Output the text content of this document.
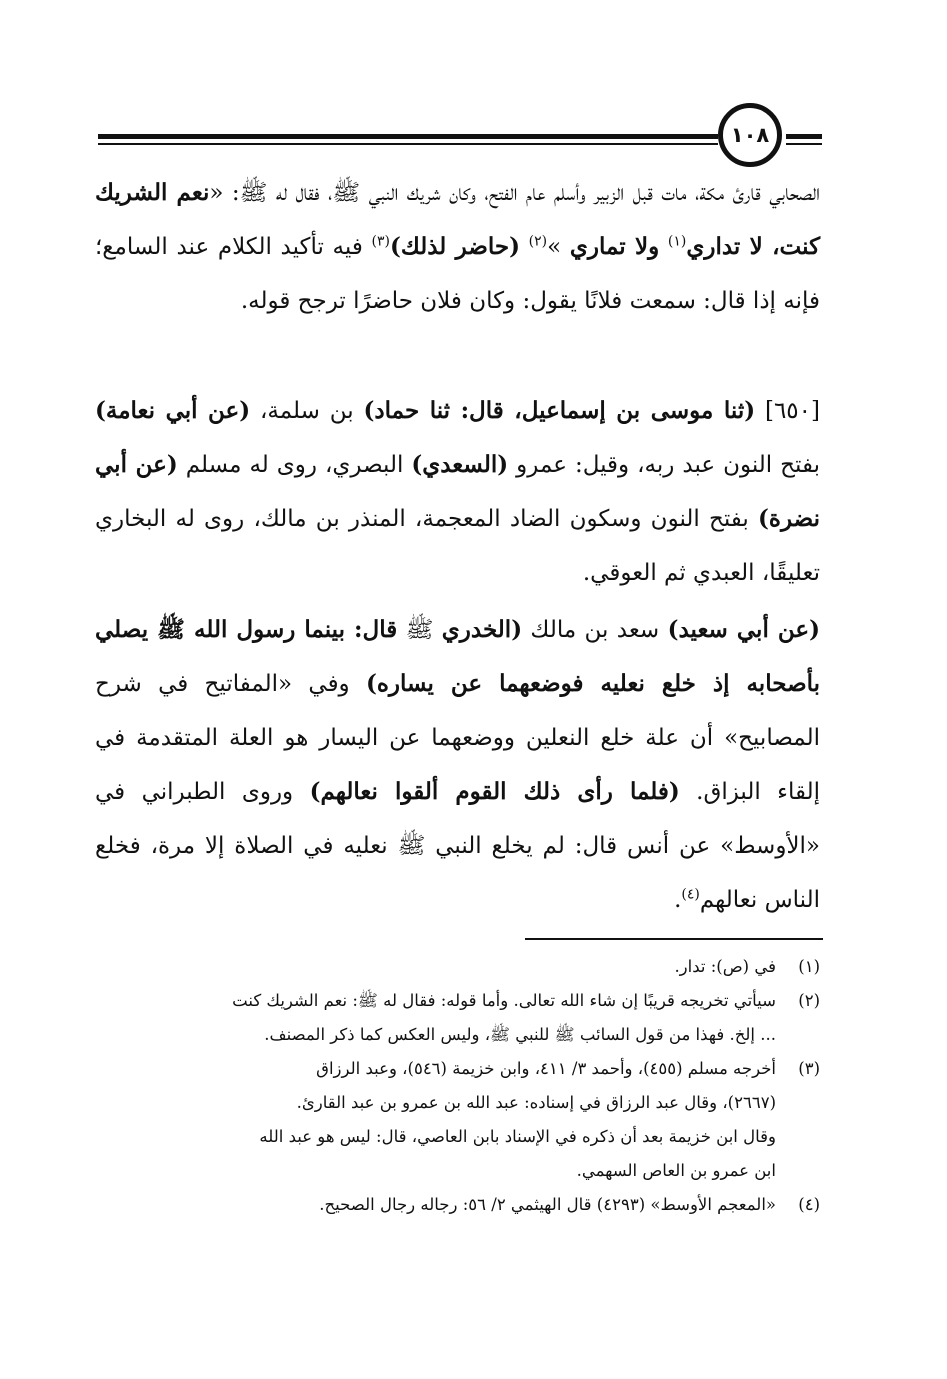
١٠٨

الصحابي قارئ مكة، مات قبل الزبير وأسلم عام الفتح، وكان شريك النبي ﷺ، فقال له ﷺ: «نعم الشريك كنت، لا تداري$^{(١)}$ ولا تماري »$^{(٢)}$ (حاضر لذلك)$^{(٣)}$ فيه تأكيد الكلام عند السامع؛ فإنه إذا قال: سمعت فلانًا يقول: وكان فلان حاضرًا ترجح قوله.

[٦٥٠] (ثنا موسى بن إسماعيل، قال: ثنا حماد) بن سلمة، (عن أبي نعامة) بفتح النون عبد ربه، وقيل: عمرو (السعدي) البصري، روى له مسلم (عن أبي نضرة) بفتح النون وسكون الضاد المعجمة، المنذر بن مالك، روى له البخاري تعليقًا، العبدي ثم العوقي.

(عن أبي سعيد) سعد بن مالك (الخدري ﷺ قال: بينما رسول الله ﷺ يصلي بأصحابه إذ خلع نعليه فوضعهما عن يساره) وفي «المفاتيح في شرح المصابيح» أن علة خلع النعلين ووضعهما عن اليسار هو العلة المتقدمة في إلقاء البزاق. (فلما رأى ذلك القوم ألقوا نعالهم) وروى الطبراني في «الأوسط» عن أنس قال: لم يخلع النبي ﷺ نعليه في الصلاة إلا مرة، فخلع الناس نعالهم$^{(٤)}$.

(١)
في (ص): تدار.
(٢)
سيأتي تخريجه قريبًا إن شاء الله تعالى. وأما قوله: فقال له ﷺ: نعم الشريك كنت
... إلخ. فهذا من قول السائب ﷺ للنبي ﷺ، وليس العكس كما ذكر المصنف.
(٣)
أخرجه مسلم (٤٥٥)، وأحمد ٣/ ٤١١، وابن خزيمة (٥٤٦)، وعبد الرزاق
(٢٦٦٧)، وقال عبد الرزاق في إسناده: عبد الله بن عمرو بن عبد القارئ.
وقال ابن خزيمة بعد أن ذكره في الإسناد بابن العاصي، قال: ليس هو عبد الله
ابن عمرو بن العاص السهمي.
(٤)
«المعجم الأوسط» (٤٢٩٣) قال الهيثمي ٢/ ٥٦: رجاله رجال الصحيح.
